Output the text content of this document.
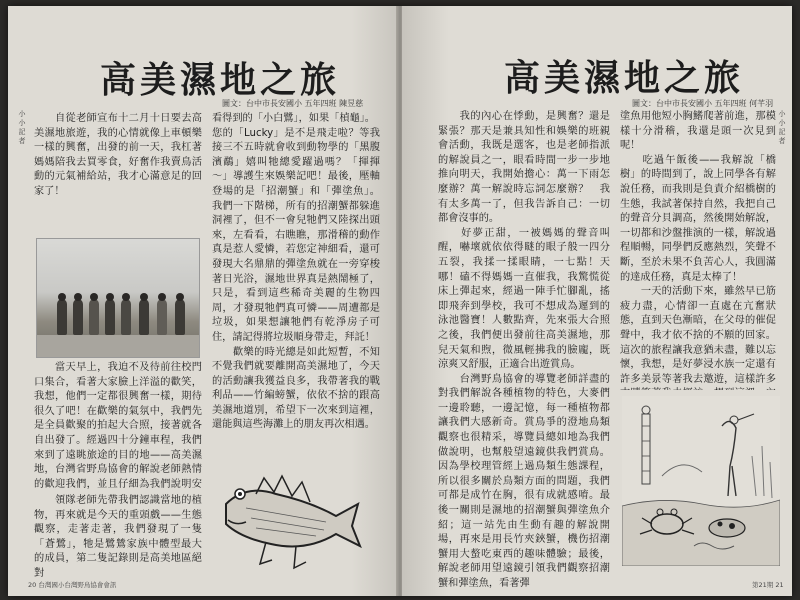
高美濕地之旅
圖文：台中市長安國小 五年四班 陳昱慈
小小記者
　　自從老師宣布十二月十日要去高美濕地旅遊，我的心情就像上車頓樂一樣的興奮，出發的前一天，我杠著媽媽陪我去買零食，好奮作我賣鳥活動的元氣補給站，我才心滿意足的回家了！
　　當天早上，我迫不及待前往校門口集合，看著大家臉上洋溢的歡笑，我想，他們一定都很興奮一樣，期待很久了吧！在歡樂的氣氛中，我們先是全員歡聚的拍起大合照，接著就各自出發了。經過四十分鐘車程，我們來到了遠眺旅途的目的地——高美濕地，台灣省野鳥協會的解說老師熱情的歡迎我們，並且仔細為我們說明安
　　領隊老師先帶我們認識當地的植物，再來就是今天的重頭戲——生態觀察，走著走著，我們發現了一隻「蒼鷺」，牠是鷺鷥家族中體型最大的成員，第二隻記錄則是高美地區絕對
看得到的「小白鷺」，如果「楨龜」。
您的「Lucky」是不是飛走啦？等我接三不五時就會收到動物學的「黑腹濱鷸」嬉叫牠總愛躍過嗎？「揮揮～」導護生來娛樂記吧！最後，壓軸登場的是「招潮蟹」和「彈塗魚」。我們一下階梯，所有的招潮蟹都躲進洞裡了，但不一會兒牠們又陸探出頭來，左看看，右瞧瞧，那滑稽的動作真是惹人愛憐，若您定神細看，還可發現大名鼎鼎的彈塗魚就在一旁穿梭著日光浴，濕地世界真是熱鬧極了，只是，看到這些稀奇美麗的生物四周，才發現牠們真可憐——周遭都是垃圾，如果想讓牠們有乾淨房子可住，請記得將垃圾順身帶走，拜託！
　　歡樂的時光總是如此短暫，不知不覺我們就要離開高美濕地了，今天的活動讓我獲益良多，我帶著我的戰利品——竹編螃蟹，依依不捨的跟高美濕地道別，希望下一次來到這裡，還能與這些海灘上的朋友再次相遇。
20 台灣國小台灣野鳥協會會訊
高美濕地之旅
圖文：台中市長安國小 五年四班 何芊羽
小小記者
　　我的內心在悸動，是興奮？還是緊張？那天是兼具知性和娛樂的班親會活動，我既是選客，也是老師指派的解說員之一，眼看時間一步一步地推向明天，我開始擔心：萬一下雨怎麼辦？萬一解說時忘詞怎麼辦？　我有太多萬一了，但我告訴自己：一切都會沒事的。
　　好夢正甜，一被媽媽的聲音叫醒，嚇壞就依依得瞇的眼子般一四分五裂，我揉一揉眼睛，一七點！天哪！磕不得媽媽一直催我，我驚慌從床上彈起來，經過一陣手忙腳亂，搖即飛奔到學校，我可不想成為遲到的泳池醫寶！人數點齊，先來張大合照之後，我們便出發前往高美濕地，那兒天氣和煦，微風輕拂我的臉龐，既涼爽又舒服，正適合出遊賞鳥。
　　台灣野鳥協會的導覽老師詳盡的對我們解說各種植物的特色，大麥們一邊聆聽，一邊記憶，每一種植物都讓我們大感新奇。賞鳥爭的澄地鳥類觀察也很精采，導覽員總如地為我們做說明，也幫般望遠鏡供我們賞鳥。因為學校理管經上過鳥類生態課程，所以很多關於鳥類方面的問題，我們可都是成竹在胸，很有成就感唷。最後一關則是濕地的招潮蟹與彈塗魚介紹；這一站先由生動有趣的解說開場，再來是用長竹夾鋏蟹，機伤招潮蟹用大螯吃東西的趣味體驗；最後，解說老師用望遠鏡引領我們觀察招潮蟹和彈塗魚，看著彈
塗魚用他短小胸鰭爬著前進，那模樣十分滑稽，我還是頭一次見到呢！
　　吃過午飯後——我解說「橋樹」的時間到了，說上同學各有解說任務，而我則是負責介紹橋樹的生態，我試著保持自然，我把自己的聲音分貝調高，然後開始解說，一切都和沙盤推演的一樣，解說過程順暢，同學們反應熱烈，笑聲不斷，至於未果不負苦心人，我圓滿的達成任務，真是太棒了！
　　一天的活動下來，雖然早已筋疲力盡，心情卻一直處在亢奮狀態，直到天色漸暗，在父母的催促聲中，我才依不捨的不願的回家。這次的旅程讓我意猶未盡，難以忘懷，我想，是好夢浸水族一定還有許多美景等著我去邀遊，這樣許多
第21期 21
